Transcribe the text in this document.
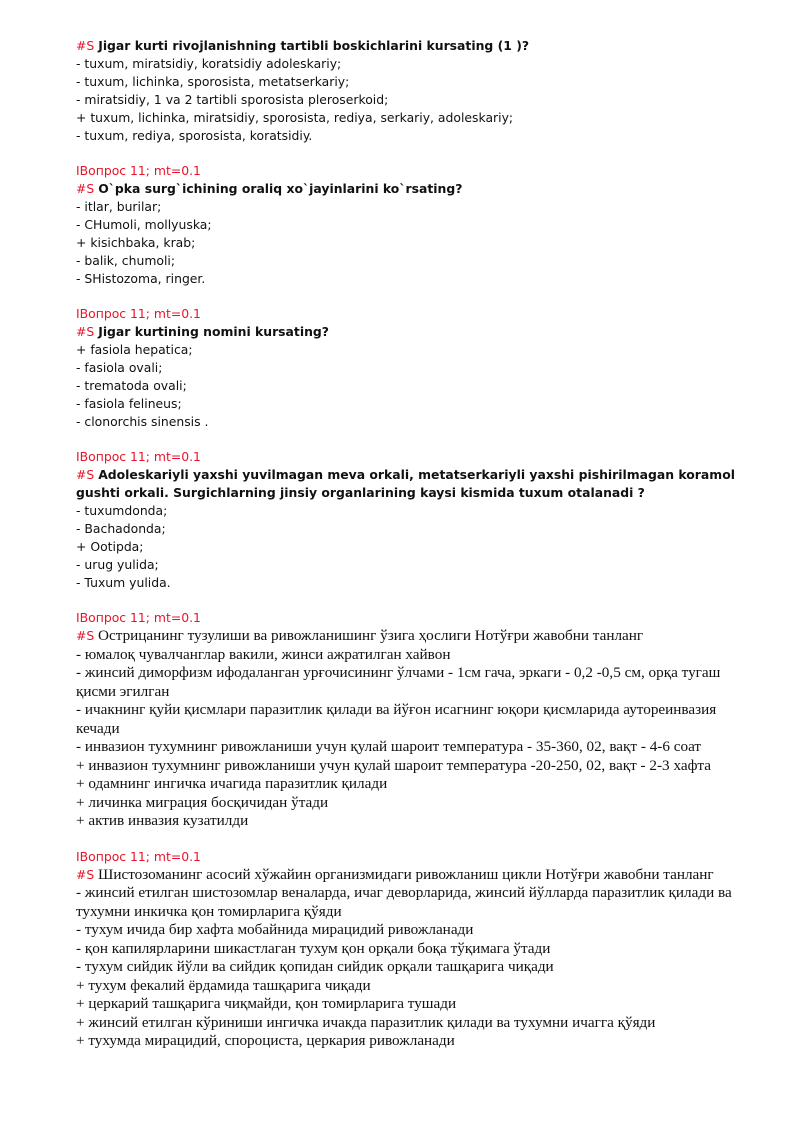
#S Jigar kurti rivojlanishning tartibli boskichlarini kursating (1 )?
- tuxum, miratsidiy, koratsidiy adoleskariy;
- tuxum, lichinka, sporosista, metatserkariy;
- miratsidiy, 1 va 2 tartibli sporosista pleroserkoid;
+ tuxum, lichinka, miratsidiy, sporosista, rediya, serkariy, adoleskariy;
- tuxum, rediya, sporosista, koratsidiy.
IВопрос 11; mt=0.1
#S O`pka surg`ichining oraliq xo`jayinlarini ko`rsating?
- itlar, burilar;
- CHumoli, mollyuska;
+ kisichbaka, krab;
- balik, chumoli;
- SHistozoma, ringer.
IВопрос 11; mt=0.1
#S Jigar kurtining nomini kursating?
+ fasiola hepatica;
- fasiola ovali;
- trematoda ovali;
- fasiola felineus;
- clonorchis sinensis .
IВопрос 11; mt=0.1
#S Adoleskariyli yaxshi yuvilmagan meva orkali, metatserkariyli yaxshi pishirilmagan koramol gushti orkali. Surgichlarning jinsiy organlarining kaysi kismida tuxum otalanadi ?
- tuxumdonda;
- Bachadonda;
+ Ootipda;
- urug yulida;
- Tuxum yulida.
IВопрос 11; mt=0.1
#S Острицанинг тузулиши ва ривожланишинг ўзига ҳослиги Нотўғри жавобни танланг
- юмалоқ чувалчанглар вакили, жинси ажратилган хайвон
- жинсий диморфизм ифодаланган урғочисининг ўлчами - 1см гача, эркаги - 0,2 -0,5 см, орқа тугаш қисми эгилган
- ичакнинг қуйи қисмлари паразитлик қилади ва йўғон исагнинг юқори қисмларида аутореинвазия кечади
- инвазион тухумнинг ривожланиши учун қулай шароит температура - 35-360, 02, вақт - 4-6 соат
+ инвазион тухумнинг ривожланиши учун қулай шароит температура -20-250, 02, вақт - 2-3 хафта
+ одамнинг ингичка ичагида паразитлик қилади
+ личинка миграция босқичидан ўтади
+ актив инвазия кузатилди
IВопрос 11; mt=0.1
#S Шистозоманинг асосий хўжайин организмидаги ривожланиш цикли Нотўғри жавобни танланг
- жинсий етилган шистозомлар веналарда, ичаг деворларида, жинсий йўлларда паразитлик қилади ва тухумни инкичка қон томирларига қўяди
- тухум ичида бир хафта мобайнида мирацидий ривожланади
- қон капилярларини шикастлаган тухум қон орқали боқа тўқимага ўтади
- тухум сийдик йўли ва сийдик қопидан сийдик орқали ташқарига чиқади
+ тухум фекалий ёрдамида ташқарига чиқади
+ церкарий ташқарига чиқмайди, қон томирларига тушади
+ жинсий етилган кўриниши ингичка ичакда паразитлик қилади ва тухумни ичагга қўяди
+ тухумда мирацидий, спороциста, церкария ривожланади
